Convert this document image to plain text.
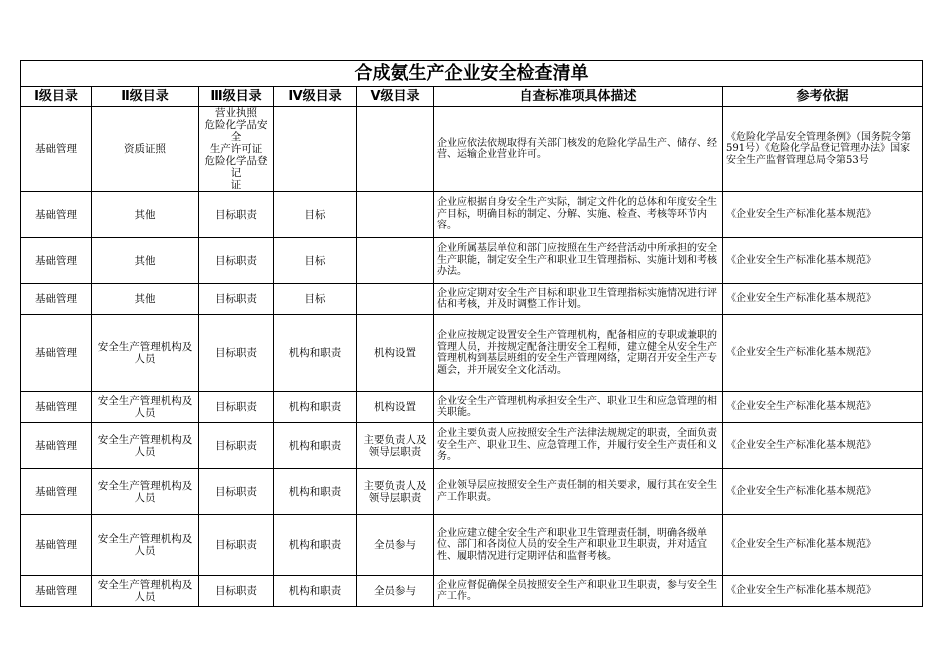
合成氨生产企业安全检查清单						
Ⅰ级目录	Ⅱ级目录	Ⅲ级目录	Ⅳ级目录	Ⅴ级目录	自查标准项具体描述	参考依据
基础管理	资质证照	营业执照
危险化学品安全
生产许可证
危险化学品登记
证			企业应依法依规取得有关部门核发的危险化学品生产、储存、经营、运输企业营业许可。	《危险化学品安全管理条例》（国务院令第591号）《危险化学品登记管理办法》国家安全生产监督管理总局令第53号
基础管理	其他	目标职责	目标		企业应根据自身安全生产实际，制定文件化的总体和年度安全生产目标，明确目标的制定、分解、实施、检查、考核等环节内容。	《企业安全生产标准化基本规范》
基础管理	其他	目标职责	目标		企业所属基层单位和部门应按照在生产经营活动中所承担的安全生产职能，制定安全生产和职业卫生管理指标、实施计划和考核办法。	《企业安全生产标准化基本规范》
基础管理	其他	目标职责	目标		企业应定期对安全生产目标和职业卫生管理指标实施情况进行评估和考核，并及时调整工作计划。	《企业安全生产标准化基本规范》
基础管理	安全生产管理机构及人员	目标职责	机构和职责	机构设置	企业应按规定设置安全生产管理机构，配备相应的专职或兼职的管理人员，并按规定配备注册安全工程师，建立健全从安全生产管理机构到基层班组的安全生产管理网络，定期召开安全生产专题会，并开展安全文化活动。	《企业安全生产标准化基本规范》
基础管理	安全生产管理机构及人员	目标职责	机构和职责	机构设置	企业安全生产管理机构承担安全生产、职业卫生和应急管理的相关职能。	《企业安全生产标准化基本规范》
基础管理	安全生产管理机构及人员	目标职责	机构和职责	主要负责人及领导层职责	企业主要负责人应按照安全生产法律法规规定的职责，全面负责安全生产、职业卫生、应急管理工作，并履行安全生产责任和义务。	《企业安全生产标准化基本规范》
基础管理	安全生产管理机构及人员	目标职责	机构和职责	主要负责人及领导层职责	企业领导层应按照安全生产责任制的相关要求，履行其在安全生产工作职责。	《企业安全生产标准化基本规范》
基础管理	安全生产管理机构及人员	目标职责	机构和职责	全员参与	企业应建立健全安全生产和职业卫生管理责任制，明确各级单位、部门和各岗位人员的安全生产和职业卫生职责，并对适宜性、履职情况进行定期评估和监督考核。	《企业安全生产标准化基本规范》
基础管理	安全生产管理机构及人员	目标职责	机构和职责	全员参与	企业应督促确保全员按照安全生产和职业卫生职责，参与安全生产工作。	《企业安全生产标准化基本规范》
